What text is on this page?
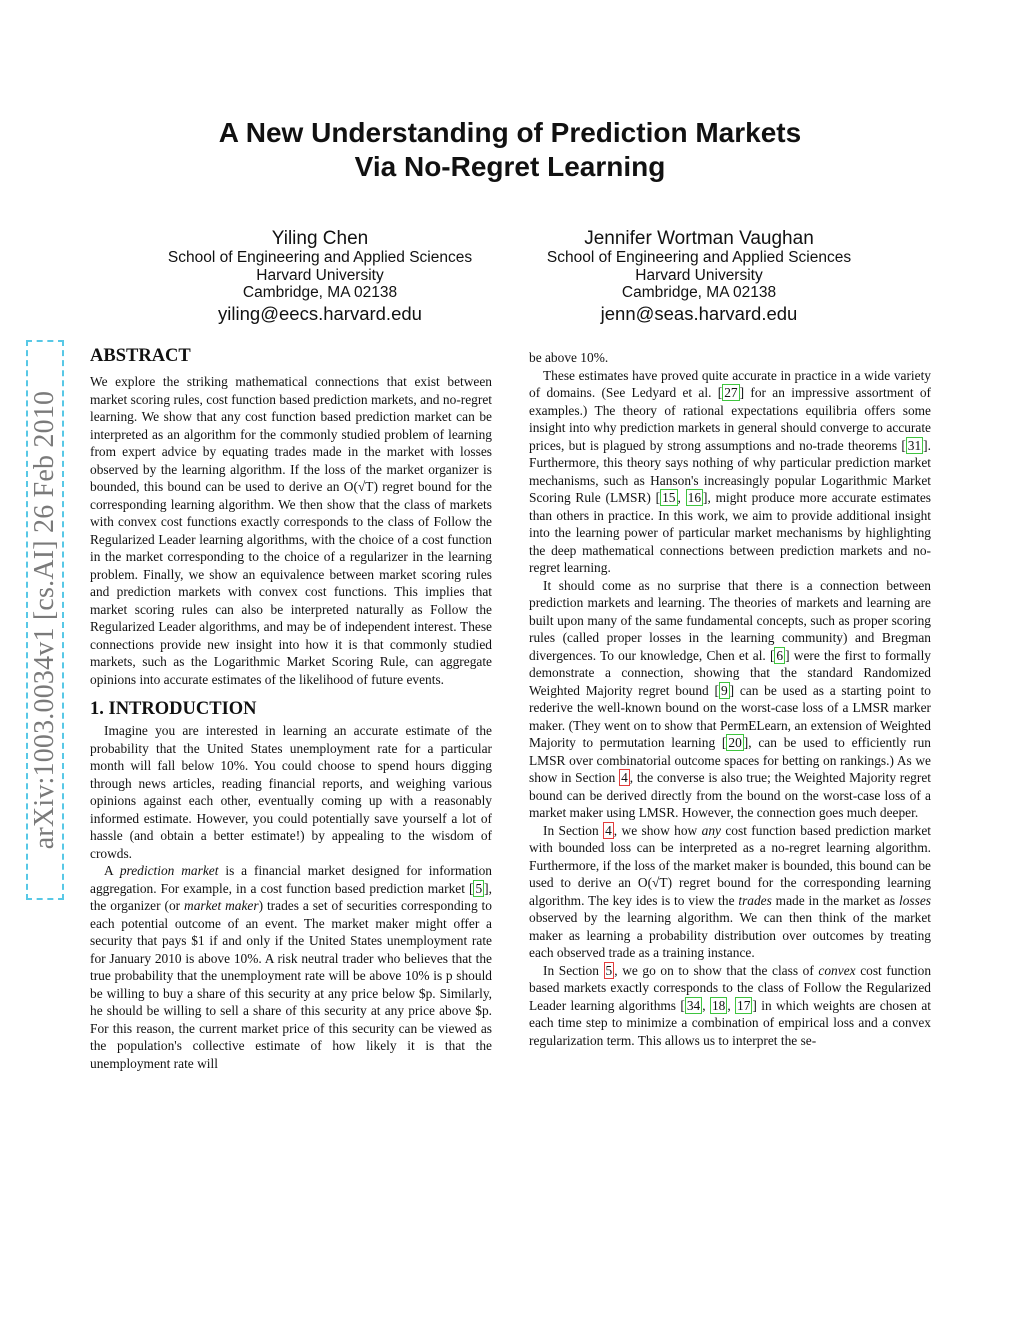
A New Understanding of Prediction Markets
Via No-Regret Learning
Yiling Chen
School of Engineering and Applied Sciences
Harvard University
Cambridge, MA 02138
yiling@eecs.harvard.edu
Jennifer Wortman Vaughan
School of Engineering and Applied Sciences
Harvard University
Cambridge, MA 02138
jenn@seas.harvard.edu
arXiv:1003.0034v1 [cs.AI] 26 Feb 2010
ABSTRACT

We explore the striking mathematical connections that exist between market scoring rules, cost function based prediction markets, and no-regret learning. We show that any cost function based prediction market can be interpreted as an algorithm for the commonly studied problem of learning from expert advice by equating trades made in the market with losses observed by the learning algorithm. If the loss of the market organizer is bounded, this bound can be used to derive an O(√T) regret bound for the corresponding learning algorithm. We then show that the class of markets with convex cost functions exactly corresponds to the class of Follow the Regularized Leader learning algorithms, with the choice of a cost function in the market corresponding to the choice of a regularizer in the learning problem. Finally, we show an equivalence between market scoring rules and prediction markets with convex cost functions. This implies that market scoring rules can also be interpreted naturally as Follow the Regularized Leader algorithms, and may be of independent interest. These connections provide new insight into how it is that commonly studied markets, such as the Logarithmic Market Scoring Rule, can aggregate opinions into accurate estimates of the likelihood of future events.

1. INTRODUCTION

Imagine you are interested in learning an accurate estimate of the probability that the United States unemployment rate for a particular month will fall below 10%. You could choose to spend hours digging through news articles, reading financial reports, and weighing various opinions against each other, eventually coming up with a reasonably informed estimate. However, you could potentially save yourself a lot of hassle (and obtain a better estimate!) by appealing to the wisdom of crowds.

A prediction market is a financial market designed for information aggregation. For example, in a cost function based prediction market [ 5 ], the organizer (or market maker) trades a set of securities corresponding to each potential outcome of an event. The market maker might offer a security that pays $1 if and only if the United States unemployment rate for January 2010 is above 10%. A risk neutral trader who believes that the true probability that the unemployment rate will be above 10% is p should be willing to buy a share of this security at any price below $p. Similarly, he should be willing to sell a share of this security at any price above $p. For this reason, the current market price of this security can be viewed as the population's collective estimate of how likely it is that the unemployment rate will

be above 10%.

These estimates have proved quite accurate in practice in a wide variety of domains. (See Ledyard et al. [ 27 ] for an impressive assortment of examples.) The theory of rational expectations equilibria offers some insight into why prediction markets in general should converge to accurate prices, but is plagued by strong assumptions and no-trade theorems [ 31 ]. Furthermore, this theory says nothing of why particular prediction market mechanisms, such as Hanson's increasingly popular Logarithmic Market Scoring Rule (LMSR) [ 15 , 16 ], might produce more accurate estimates than others in practice. In this work, we aim to provide additional insight into the learning power of particular market mechanisms by highlighting the deep mathematical connections between prediction markets and no-regret learning.

It should come as no surprise that there is a connection between prediction markets and learning. The theories of markets and learning are built upon many of the same fundamental concepts, such as proper scoring rules (called proper losses in the learning community) and Bregman divergences. To our knowledge, Chen et al. [ 6 ] were the first to formally demonstrate a connection, showing that the standard Randomized Weighted Majority regret bound [ 9 ] can be used as a starting point to rederive the well-known bound on the worst-case loss of a LMSR marker maker. (They went on to show that PermELearn, an extension of Weighted Majority to permutation learning [ 20 ], can be used to efficiently run LMSR over combinatorial outcome spaces for betting on rankings.) As we show in Section 4 , the converse is also true; the Weighted Majority regret bound can be derived directly from the bound on the worst-case loss of a market maker using LMSR. However, the connection goes much deeper.

In Section 4 , we show how any cost function based prediction market with bounded loss can be interpreted as a no-regret learning algorithm. Furthermore, if the loss of the market maker is bounded, this bound can be used to derive an O(√T) regret bound for the corresponding learning algorithm. The key ides is to view the trades made in the market as losses observed by the learning algorithm. We can then think of the market maker as learning a probability distribution over outcomes by treating each observed trade as a training instance.

In Section 5 , we go on to show that the class of convex cost function based markets exactly corresponds to the class of Follow the Regularized Leader learning algorithms [ 34 , 18 , 17 ] in which weights are chosen at each time step to minimize a combination of empirical loss and a convex regularization term. This allows us to interpret the se-
